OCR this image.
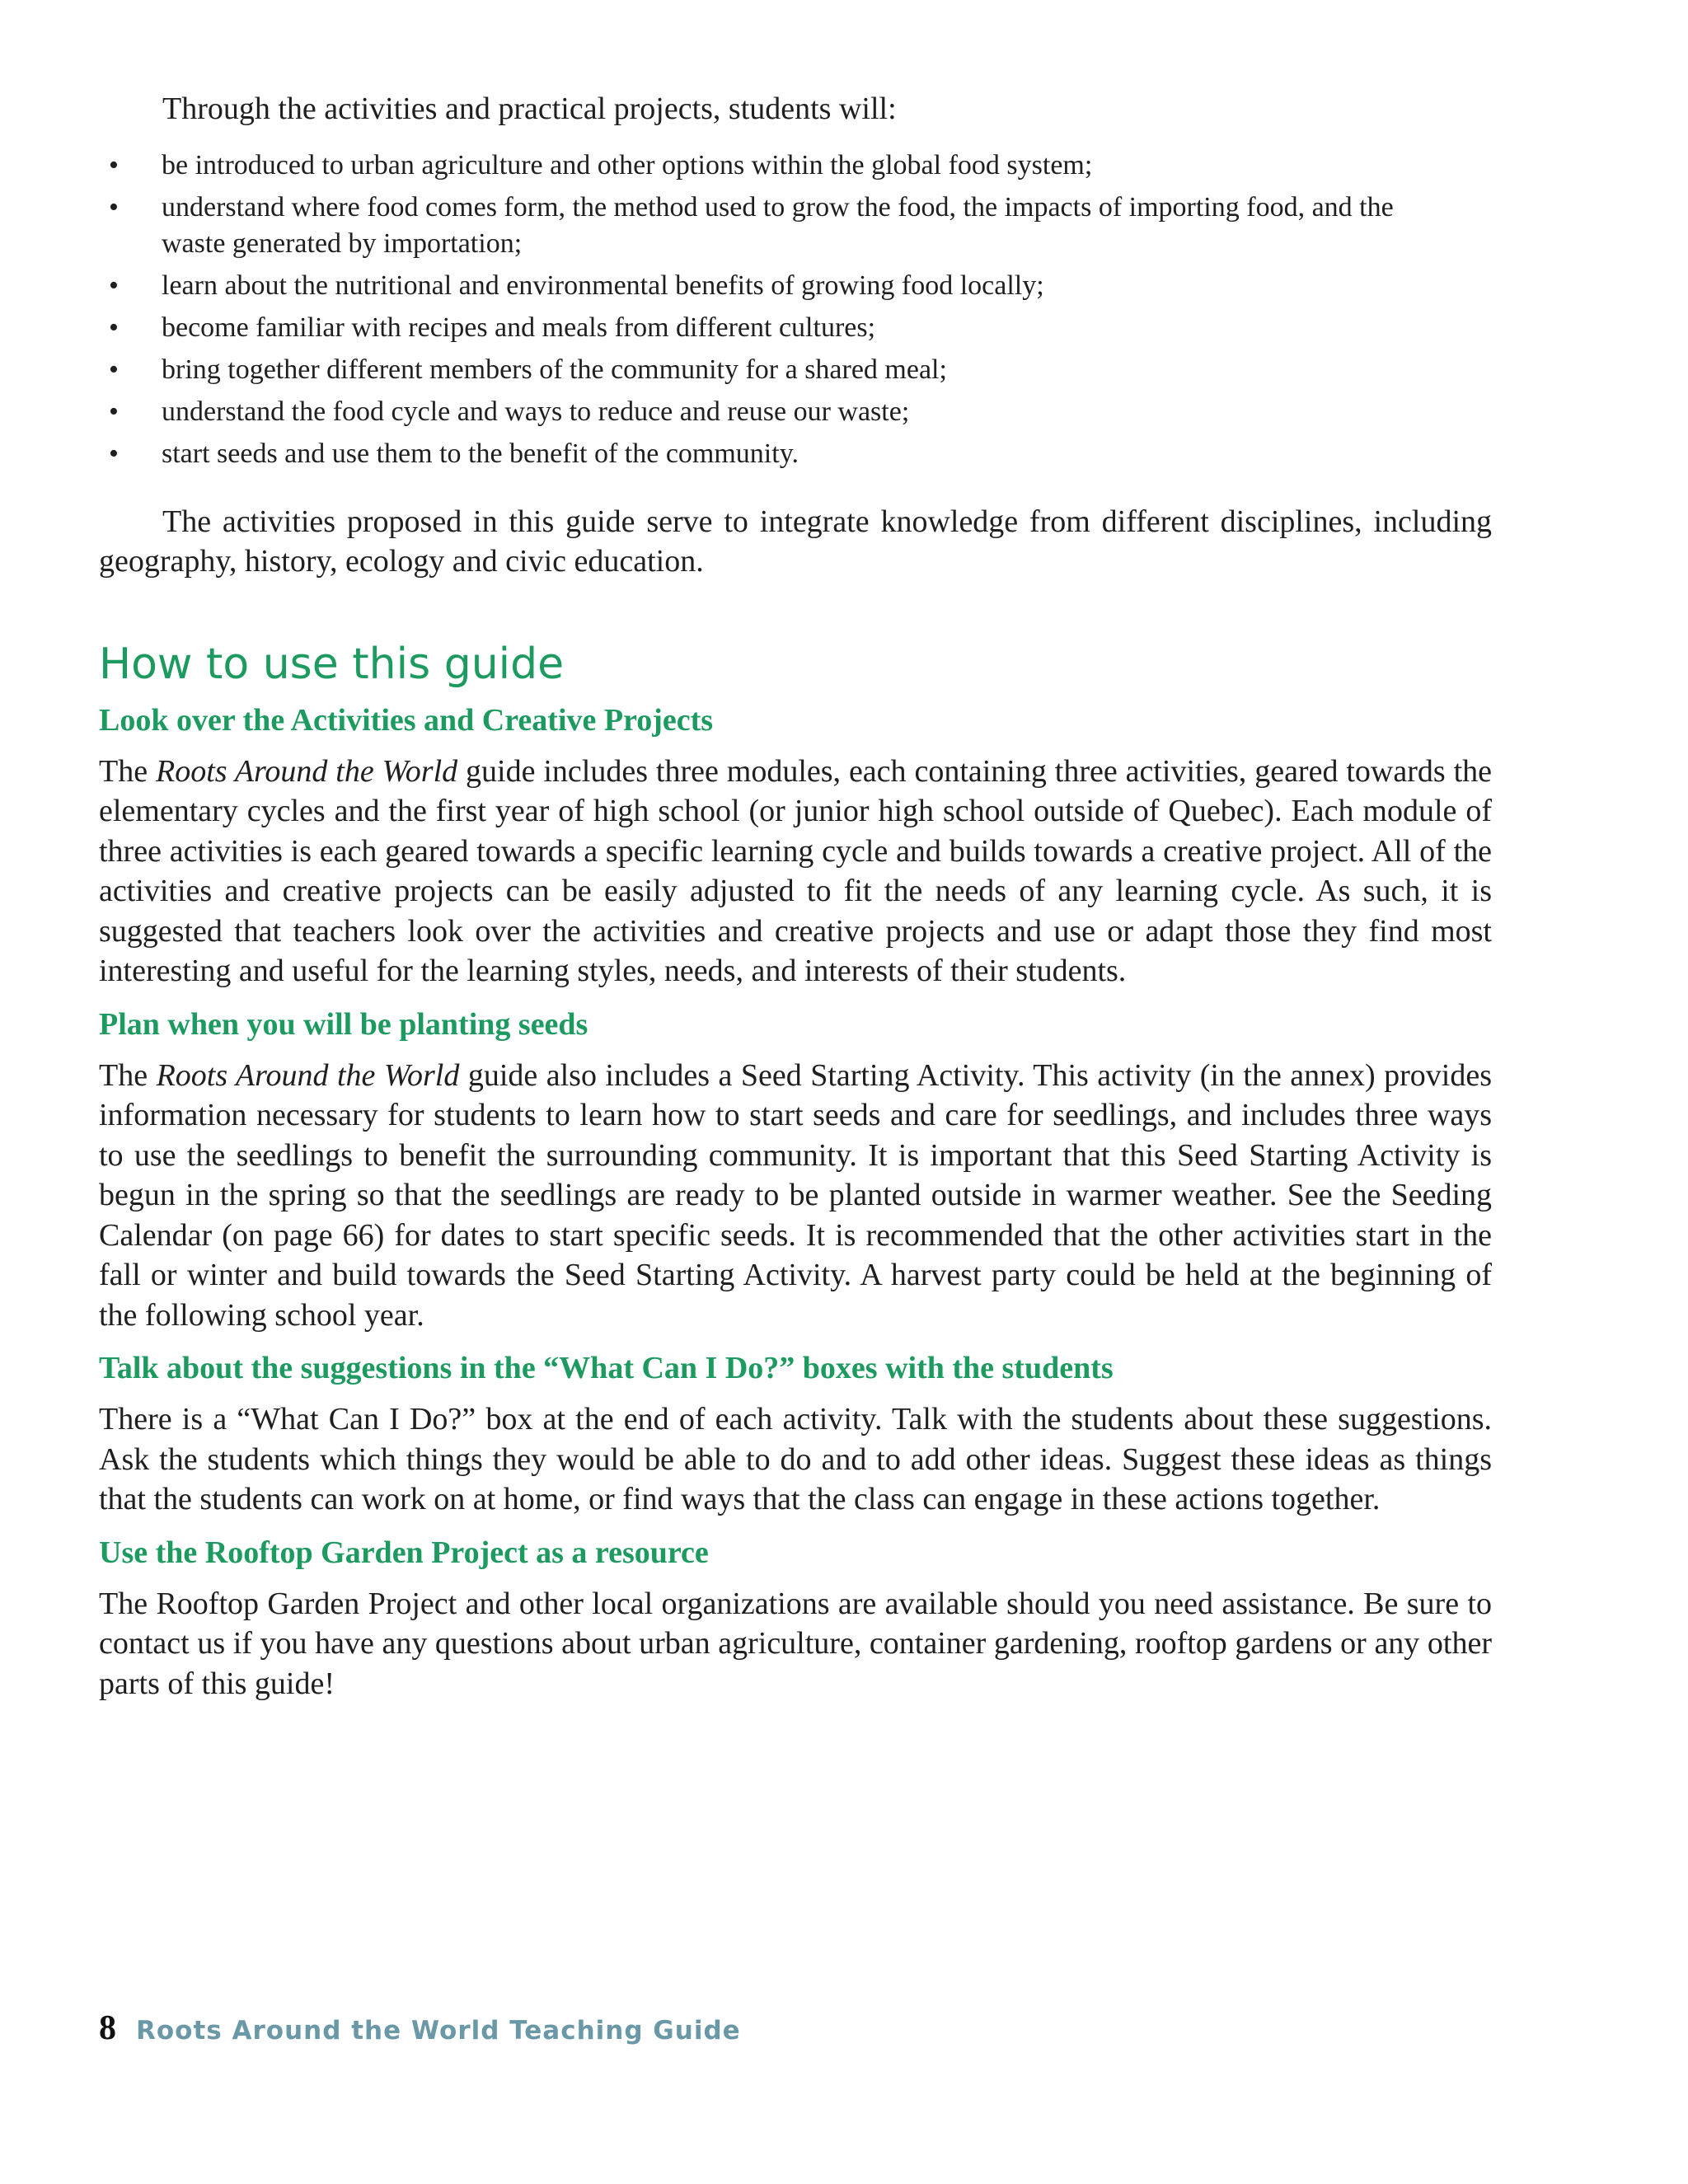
Through the activities and practical projects, students will:

• be introduced to urban agriculture and other options within the global food system;
• understand where food comes form, the method used to grow the food, the impacts of importing food, and the waste generated by importation;
• learn about the nutritional and environmental benefits of growing food locally;
• become familiar with recipes and meals from different cultures;
• bring together different members of the community for a shared meal;
• understand the food cycle and ways to reduce and reuse our waste;
• start seeds and use them to the benefit of the community.

The activities proposed in this guide serve to integrate knowledge from different disciplines, including geography, history, ecology and civic education.

How to use this guide
Look over the Activities and Creative Projects

The Roots Around the World guide includes three modules, each containing three activities, geared towards the elementary cycles and the first year of high school (or junior high school outside of Quebec). Each module of three activities is each geared towards a specific learning cycle and builds towards a creative project. All of the activities and creative projects can be easily adjusted to fit the needs of any learning cycle. As such, it is suggested that teachers look over the activities and creative projects and use or adapt those they find most interesting and useful for the learning styles, needs, and interests of their students.

Plan when you will be planting seeds

The Roots Around the World guide also includes a Seed Starting Activity. This activity (in the annex) provides information necessary for students to learn how to start seeds and care for seedlings, and includes three ways to use the seedlings to benefit the surrounding community. It is important that this Seed Starting Activity is begun in the spring so that the seedlings are ready to be planted outside in warmer weather. See the Seeding Calendar (on page 66) for dates to start specific seeds. It is recommended that the other activities start in the fall or winter and build towards the Seed Starting Activity. A harvest party could be held at the beginning of the following school year.

Talk about the suggestions in the “What Can I Do?” boxes with the students

There is a “What Can I Do?” box at the end of each activity. Talk with the students about these suggestions. Ask the students which things they would be able to do and to add other ideas. Suggest these ideas as things that the students can work on at home, or find ways that the class can engage in these actions together.

Use the Rooftop Garden Project as a resource

The Rooftop Garden Project and other local organizations are available should you need assistance. Be sure to contact us if you have any questions about urban agriculture, container gardening, rooftop gardens or any other parts of this guide!

8 Roots Around the World Teaching Guide
